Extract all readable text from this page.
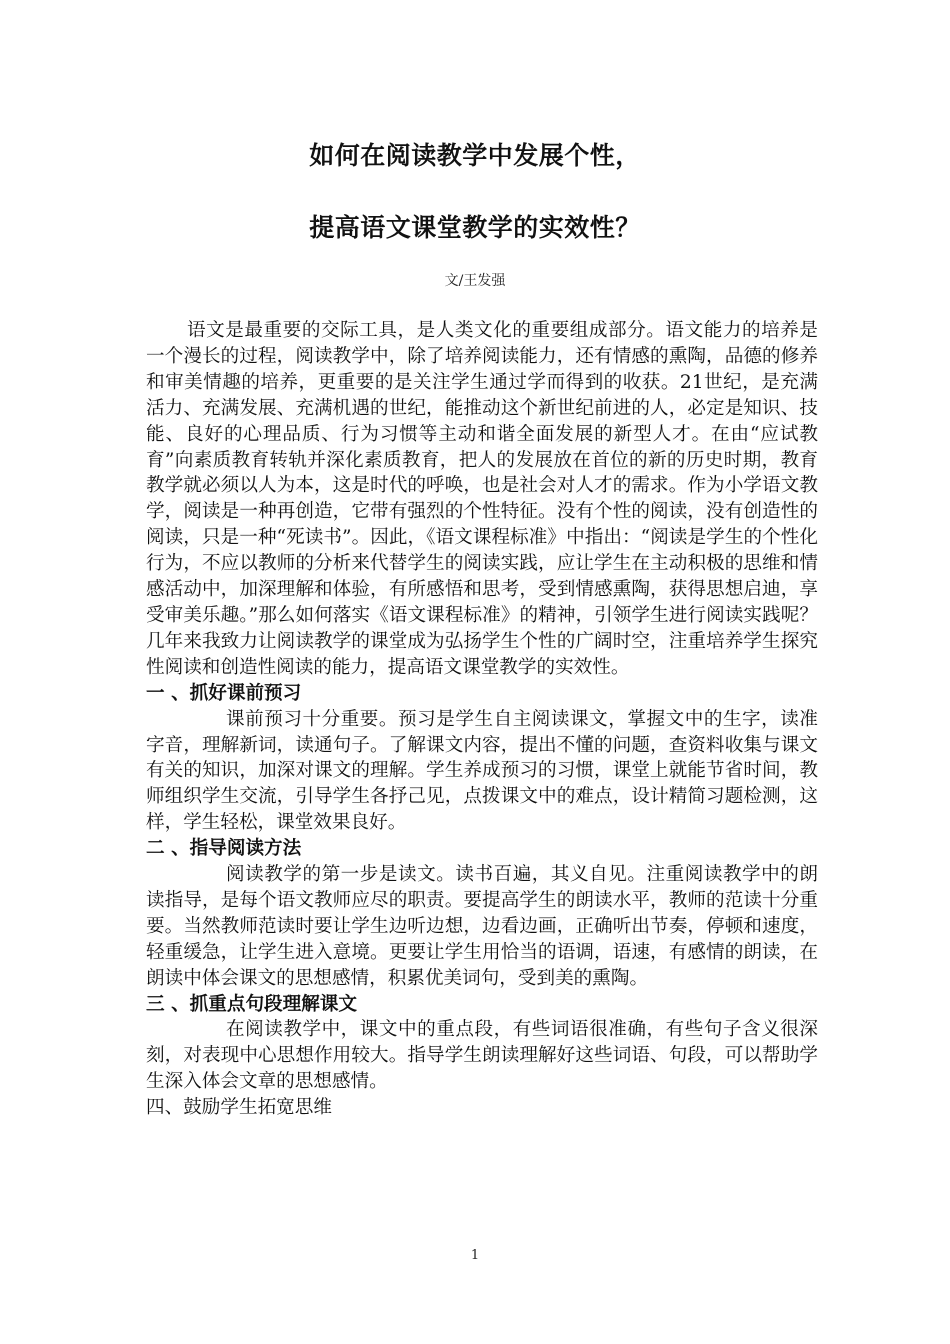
如何在阅读教学中发展个性，
提高语文课堂教学的实效性？
文/王发强

语文是最重要的交际工具，是人类文化的重要组成部分。语文能力的培养是一个漫长的过程，阅读教学中，除了培养阅读能力，还有情感的熏陶，品德的修养和审美情趣的培养，更重要的是关注学生通过学而得到的收获。21世纪，是充满活力、充满发展、充满机遇的世纪，能推动这个新世纪前进的人，必定是知识、技能、良好的心理品质、行为习惯等主动和谐全面发展的新型人才。在由“应试教育”向素质教育转轨并深化素质教育，把人的发展放在首位的新的历史时期，教育教学就必须以人为本，这是时代的呼唤，也是社会对人才的需求。作为小学语文教学，阅读是一种再创造，它带有强烈的个性特征。没有个性的阅读，没有创造性的阅读，只是一种“死读书”。因此，《语文课程标准》中指出：“阅读是学生的个性化行为，不应以教师的分析来代替学生的阅读实践，应让学生在主动积极的思维和情感活动中，加深理解和体验，有所感悟和思考，受到情感熏陶，获得思想启迪，享受审美乐趣。”那么如何落实《语文课程标准》的精神，引领学生进行阅读实践呢？几年来我致力让阅读教学的课堂成为弘扬学生个性的广阔时空，注重培养学生探究性阅读和创造性阅读的能力，提高语文课堂教学的实效性。

一 、抓好课前预习

课前预习十分重要。预习是学生自主阅读课文，掌握文中的生字，读准字音，理解新词，读通句子。了解课文内容，提出不懂的问题，查资料收集与课文有关的知识，加深对课文的理解。学生养成预习的习惯，课堂上就能节省时间，教师组织学生交流，引导学生各抒己见，点拨课文中的难点，设计精简习题检测，这样，学生轻松，课堂效果良好。

二 、指导阅读方法

阅读教学的第一步是读文。读书百遍，其义自见。注重阅读教学中的朗读指导，是每个语文教师应尽的职责。要提高学生的朗读水平，教师的范读十分重要。当然教师范读时要让学生边听边想，边看边画，正确听出节奏，停顿和速度，轻重缓急，让学生进入意境。更要让学生用恰当的语调，语速，有感情的朗读，在朗读中体会课文的思想感情，积累优美词句，受到美的熏陶。

三 、抓重点句段理解课文

在阅读教学中，课文中的重点段，有些词语很准确，有些句子含义很深刻，对表现中心思想作用较大。指导学生朗读理解好这些词语、句段，可以帮助学生深入体会文章的思想感情。

四、鼓励学生拓宽思维

1
